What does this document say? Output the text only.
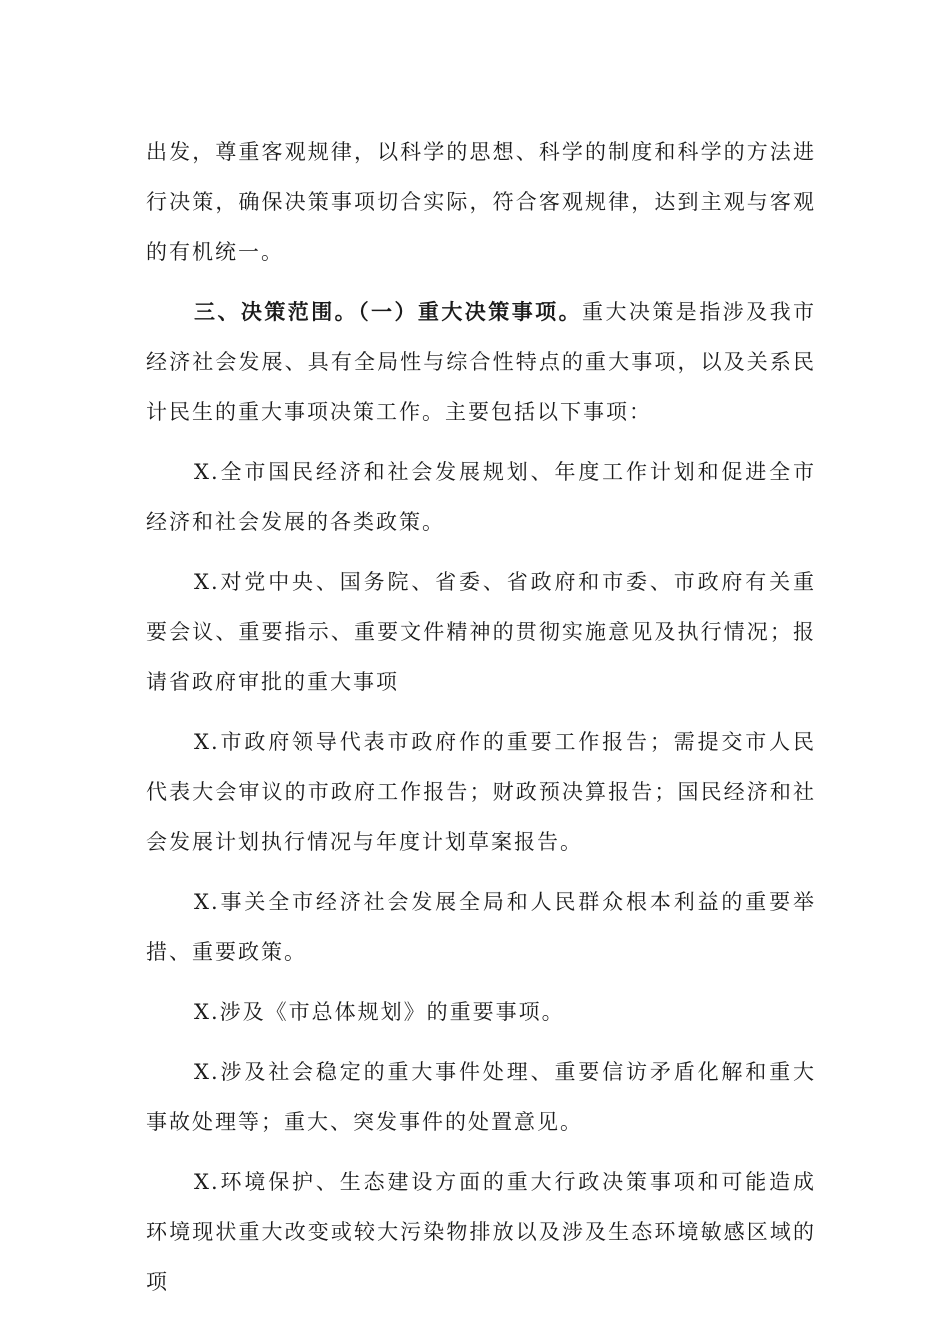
出发，尊重客观规律，以科学的思想、科学的制度和科学的方法进行决策，确保决策事项切合实际，符合客观规律，达到主观与客观的有机统一。

三、决策范围。（一）重大决策事项。重大决策是指涉及我市经济社会发展、具有全局性与综合性特点的重大事项，以及关系民计民生的重大事项决策工作。主要包括以下事项：

X.全市国民经济和社会发展规划、年度工作计划和促进全市经济和社会发展的各类政策。

X.对党中央、国务院、省委、省政府和市委、市政府有关重要会议、重要指示、重要文件精神的贯彻实施意见及执行情况；报请省政府审批的重大事项

X.市政府领导代表市政府作的重要工作报告；需提交市人民代表大会审议的市政府工作报告；财政预决算报告；国民经济和社会发展计划执行情况与年度计划草案报告。

X.事关全市经济社会发展全局和人民群众根本利益的重要举措、重要政策。

X.涉及《市总体规划》的重要事项。

X.涉及社会稳定的重大事件处理、重要信访矛盾化解和重大事故处理等；重大、突发事件的处置意见。

X.环境保护、生态建设方面的重大行政决策事项和可能造成环境现状重大改变或较大污染物排放以及涉及生态环境敏感区域的项
